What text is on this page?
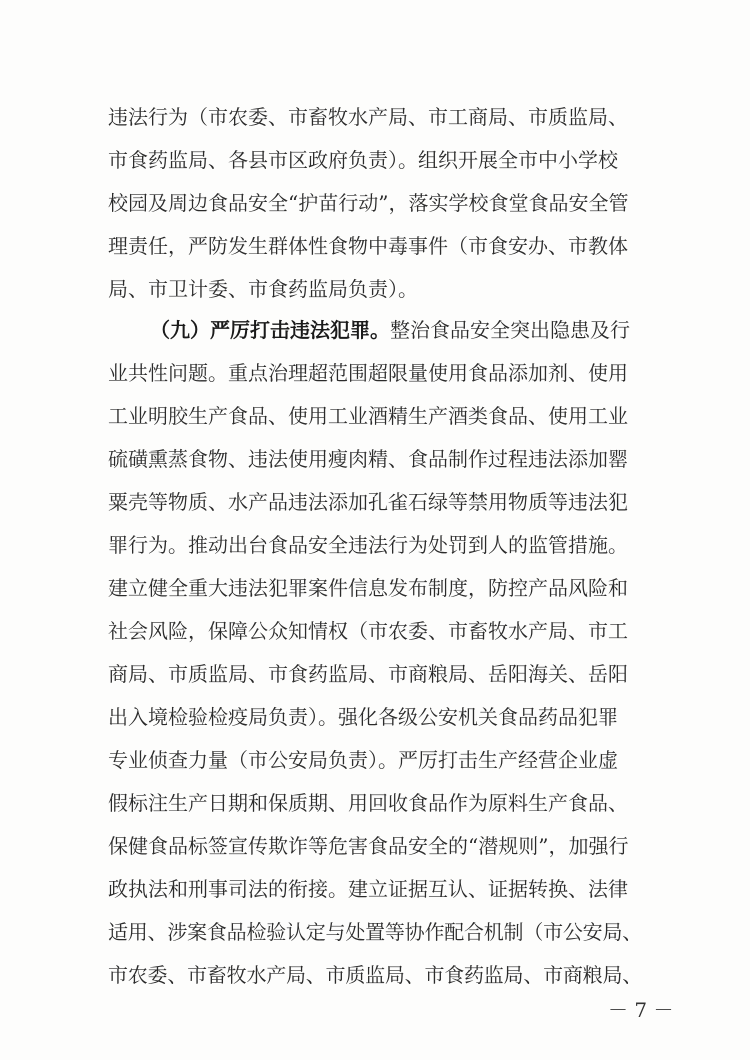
违法行为（市农委、市畜牧水产局、市工商局、市质监局、
市食药监局、各县市区政府负责）。组织开展全市中小学校
校园及周边食品安全“护苗行动”，落实学校食堂食品安全管
理责任，严防发生群体性食物中毒事件（市食安办、市教体
局、市卫计委、市食药监局负责）。
（九）严厉打击违法犯罪。整治食品安全突出隐患及行
业共性问题。重点治理超范围超限量使用食品添加剂、使用
工业明胶生产食品、使用工业酒精生产酒类食品、使用工业
硫磺熏蒸食物、违法使用瘦肉精、食品制作过程违法添加罂
粟壳等物质、水产品违法添加孔雀石绿等禁用物质等违法犯
罪行为。推动出台食品安全违法行为处罚到人的监管措施。
建立健全重大违法犯罪案件信息发布制度，防控产品风险和
社会风险，保障公众知情权（市农委、市畜牧水产局、市工
商局、市质监局、市食药监局、市商粮局、岳阳海关、岳阳
出入境检验检疫局负责）。强化各级公安机关食品药品犯罪
专业侦查力量（市公安局负责）。严厉打击生产经营企业虚
假标注生产日期和保质期、用回收食品作为原料生产食品、
保健食品标签宣传欺诈等危害食品安全的“潜规则”，加强行
政执法和刑事司法的衔接。建立证据互认、证据转换、法律
适用、涉案食品检验认定与处置等协作配合机制（市公安局、
市农委、市畜牧水产局、市质监局、市食药监局、市商粮局、
－ 7 －
